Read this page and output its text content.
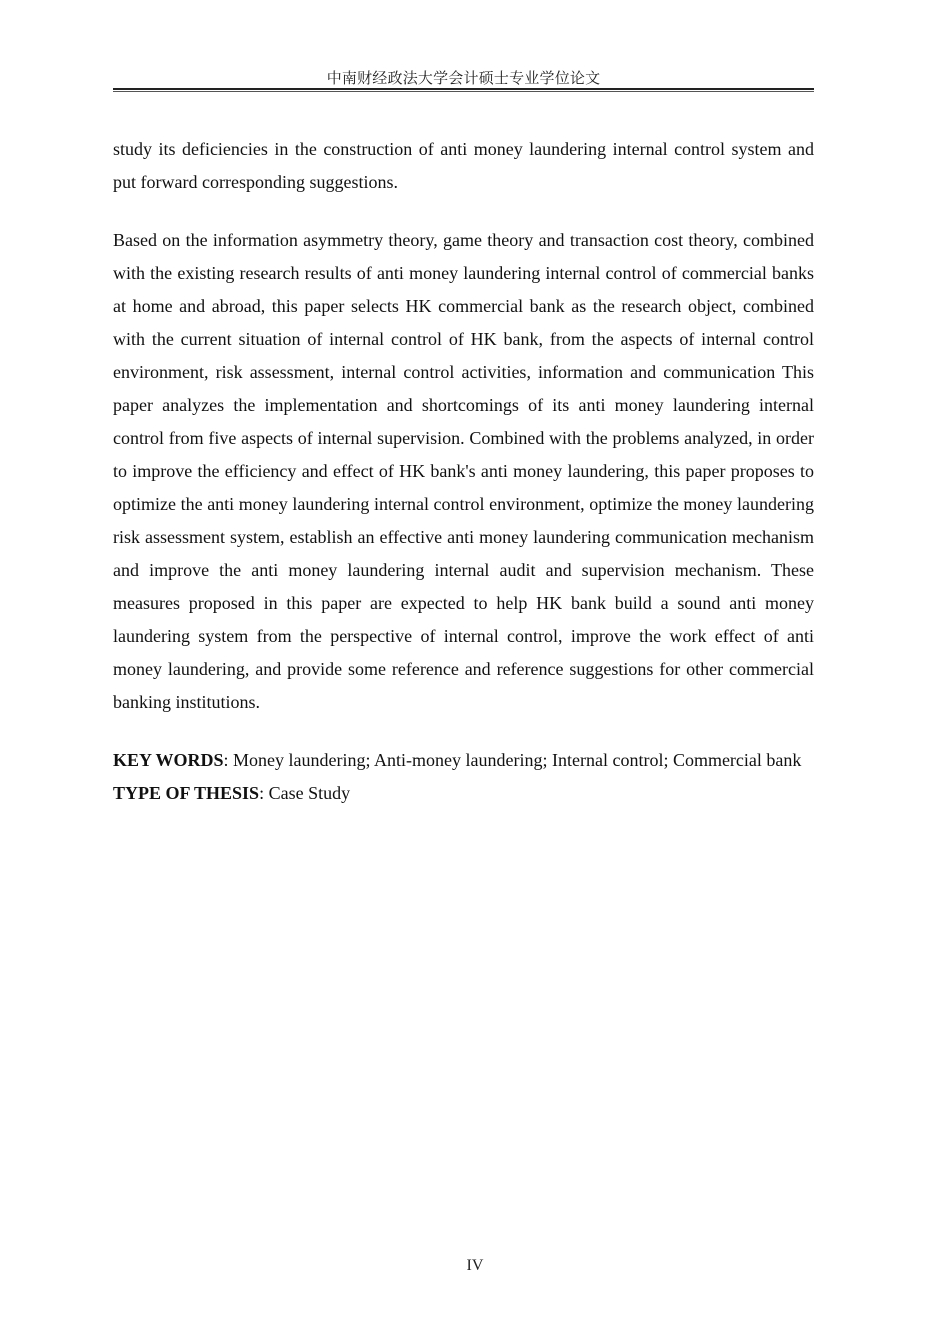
中南财经政法大学会计硕士专业学位论文

study its deficiencies in the construction of anti money laundering internal control system and put forward corresponding suggestions.

Based on the information asymmetry theory, game theory and transaction cost theory, combined with the existing research results of anti money laundering internal control of commercial banks at home and abroad, this paper selects HK commercial bank as the research object, combined with the current situation of internal control of HK bank, from the aspects of internal control environment, risk assessment, internal control activities, information and communication This paper analyzes the implementation and shortcomings of its anti money laundering internal control from five aspects of internal supervision. Combined with the problems analyzed, in order to improve the efficiency and effect of HK bank's anti money laundering, this paper proposes to optimize the anti money laundering internal control environment, optimize the money laundering risk assessment system, establish an effective anti money laundering communication mechanism and improve the anti money laundering internal audit and supervision mechanism. These measures proposed in this paper are expected to help HK bank build a sound anti money laundering system from the perspective of internal control, improve the work effect of anti money laundering, and provide some reference and reference suggestions for other commercial banking institutions.

KEY WORDS: Money laundering; Anti-money laundering; Internal control; Commercial bank

TYPE OF THESIS: Case Study

IV
